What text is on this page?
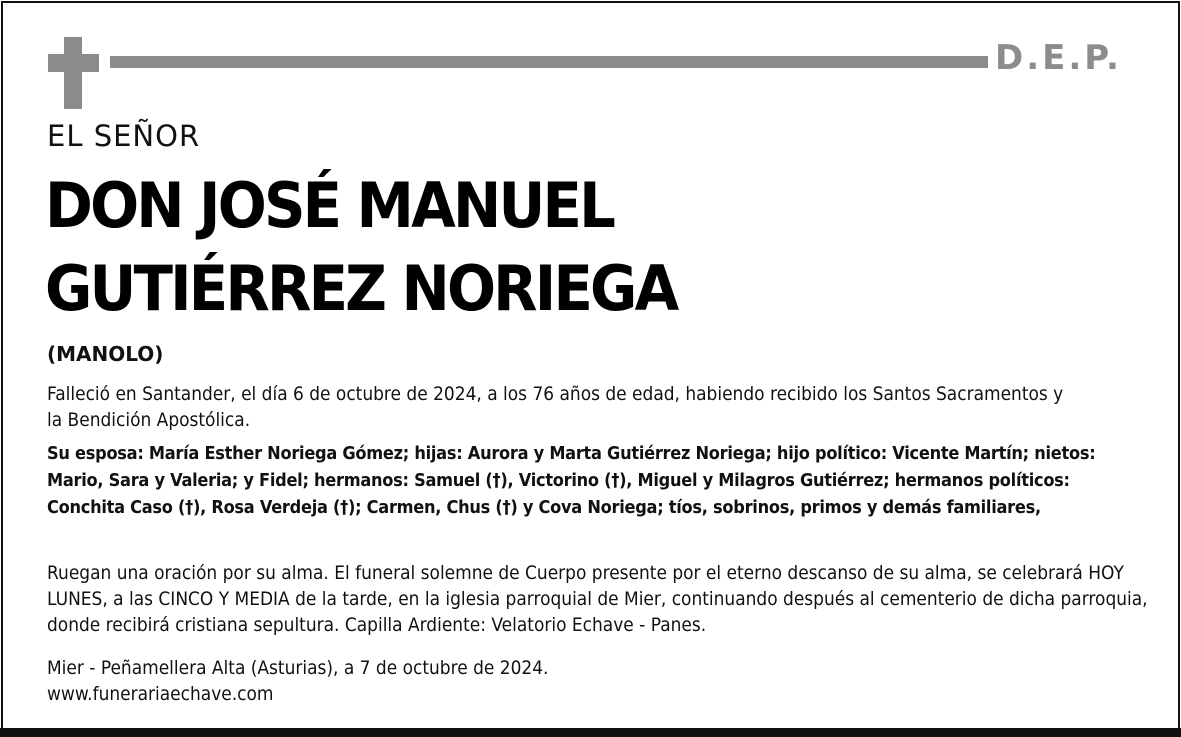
D.E.P.
EL SEÑOR
DON JOSÉ MANUEL
GUTIÉRREZ NORIEGA
(MANOLO)
Falleció en Santander, el día 6 de octubre de 2024, a los 76 años de edad, habiendo recibido los Santos Sacramentos y la Bendición Apostólica.
Su esposa: María Esther Noriega Gómez; hijas: Aurora y Marta Gutiérrez Noriega; hijo político: Vicente Martín; nietos: Mario, Sara y Valeria; y Fidel; hermanos: Samuel (†), Victorino (†), Miguel y Milagros Gutiérrez; hermanos políticos: Conchita Caso (†), Rosa Verdeja (†); Carmen, Chus (†) y Cova Noriega; tíos, sobrinos, primos y demás familiares,
Ruegan una oración por su alma. El funeral solemne de Cuerpo presente por el eterno descanso de su alma, se celebrará HOY LUNES, a las CINCO Y MEDIA de la tarde, en la iglesia parroquial de Mier, continuando después al cementerio de dicha parroquia, donde recibirá cristiana sepultura. Capilla Ardiente: Velatorio Echave - Panes.
Mier - Peñamellera Alta (Asturias), a 7 de octubre de 2024.
www.funerariaechave.com
